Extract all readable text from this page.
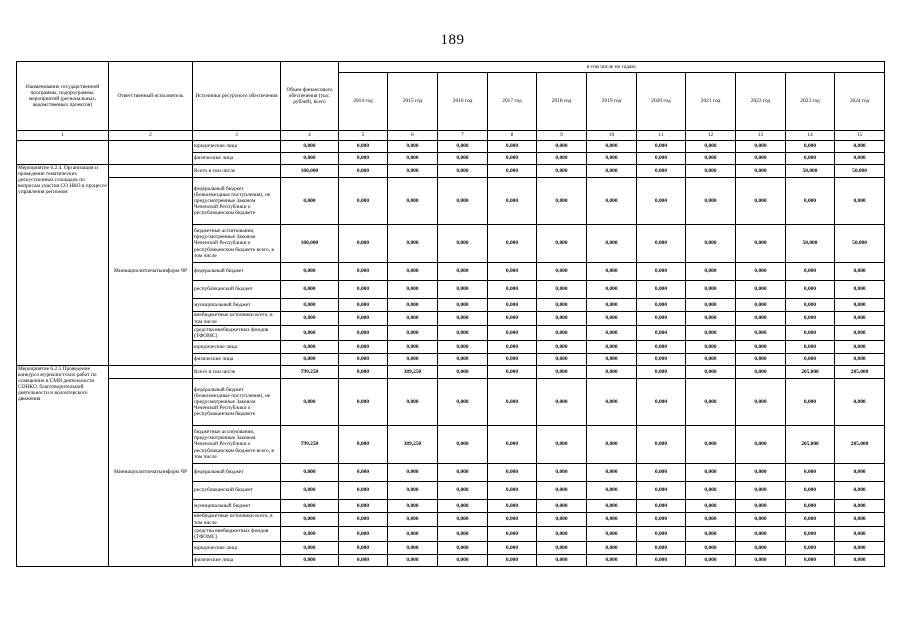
189
Наименование государственной программы, подпрограммы, мероприятий (региональных, ведомственных проектов)	Ответственный исполнитель	Источники ресурсного обеспечения	Объем финансового обеспечения (тыс. рублей), всего	в том числе по годам:										
				2014 год	2015 год	2016 год	2017 год	2018 год	2019 год	2020 год	2021 год	2022 год	2023 год	2024 год
1	2	3	4	5	6	7	8	9	10	11	12	13	14	15
		юридические лица	0,000	0,000	0,000	0,000	0,000	0,000	0,000	0,000	0,000	0,000	0,000	0,000
		физические лица	0,000	0,000	0,000	0,000	0,000	0,000	0,000	0,000	0,000	0,000	0,000	0,000
Мероприятие 6.2.4. Организация и проведение тематических дискуссионных площадок по вопросам участия СО НКО в процессе управления регионом		Всего в том числе	100,000	0,000	0,000	0,000	0,000	0,000	0,000	0,000	0,000	0,000	50,000	50,000
	Миннацполитпечатьинформ ЧР	федеральный бюджет (безвозмездные поступления), не предусмотренные Законом Чеченской Республики о республиканском бюджете	0,000	0,000	0,000	0,000	0,000	0,000	0,000	0,000	0,000	0,000	0,000	0,000
		бюджетные ассигнования, предусмотренные Законом Чеченской Республики о республиканском бюджете всего, в том числе	100,000	0,000	0,000	0,000	0,000	0,000	0,000	0,000	0,000	0,000	50,000	50,000
		федеральный бюджет	0,000	0,000	0,000	0,000	0,000	0,000	0,000	0,000	0,000	0,000	0,000	0,000
		республиканский бюджет	0,000	0,000	0,000	0,000	0,000	0,000	0,000	0,000	0,000	0,000	0,000	0,000
		муниципальный бюджет	0,000	0,000	0,000	0,000	0,000	0,000	0,000	0,000	0,000	0,000	0,000	0,000
		внебюджетные источники всего, в том числе	0,000	0,000	0,000	0,000	0,000	0,000	0,000	0,000	0,000	0,000	0,000	0,000
		средства внебюджетных фондов (ТФОМС)	0,000	0,000	0,000	0,000	0,000	0,000	0,000	0,000	0,000	0,000	0,000	0,000
		юридические лица	0,000	0,000	0,000	0,000	0,000	0,000	0,000	0,000	0,000	0,000	0,000	0,000
		физические лица	0,000	0,000	0,000	0,000	0,000	0,000	0,000	0,000	0,000	0,000	0,000	0,000
Мероприятие 6.2.5 Проведение конкурса журналистских работ по освещению в СМИ деятельности СОНКО, благотворительной деятельности и волонтерского движения		Всего в том числе	799,250	0,000	389,250	0,000	0,000	0,000	0,000	0,000	0,000	0,000	205,000	205,000
	Миннацполитпечатьинформ ЧР	федеральный бюджет (безвозмездные поступления), не предусмотренные Законом Чеченской Республики о республиканском бюджете	0,000	0,000	0,000	0,000	0,000	0,000	0,000	0,000	0,000	0,000	0,000	0,000
		бюджетные ассигнования, предусмотренные Законом Чеченской Республики о республиканском бюджете всего, в том числе	799,250	0,000	389,250	0,000	0,000	0,000	0,000	0,000	0,000	0,000	205,000	205,000
		федеральный бюджет	0,000	0,000	0,000	0,000	0,000	0,000	0,000	0,000	0,000	0,000	0,000	0,000
		республиканский бюджет	0,000	0,000	0,000	0,000	0,000	0,000	0,000	0,000	0,000	0,000	0,000	0,000
		муниципальный бюджет	0,000	0,000	0,000	0,000	0,000	0,000	0,000	0,000	0,000	0,000	0,000	0,000
		внебюджетные источники всего, в том числе	0,000	0,000	0,000	0,000	0,000	0,000	0,000	0,000	0,000	0,000	0,000	0,000
		средства внебюджетных фондов (ТФОМС)	0,000	0,000	0,000	0,000	0,000	0,000	0,000	0,000	0,000	0,000	0,000	0,000
		юридические лица	0,000	0,000	0,000	0,000	0,000	0,000	0,000	0,000	0,000	0,000	0,000	0,000
		физические лица	0,000	0,000	0,000	0,000	0,000	0,000	0,000	0,000	0,000	0,000	0,000	0,000
